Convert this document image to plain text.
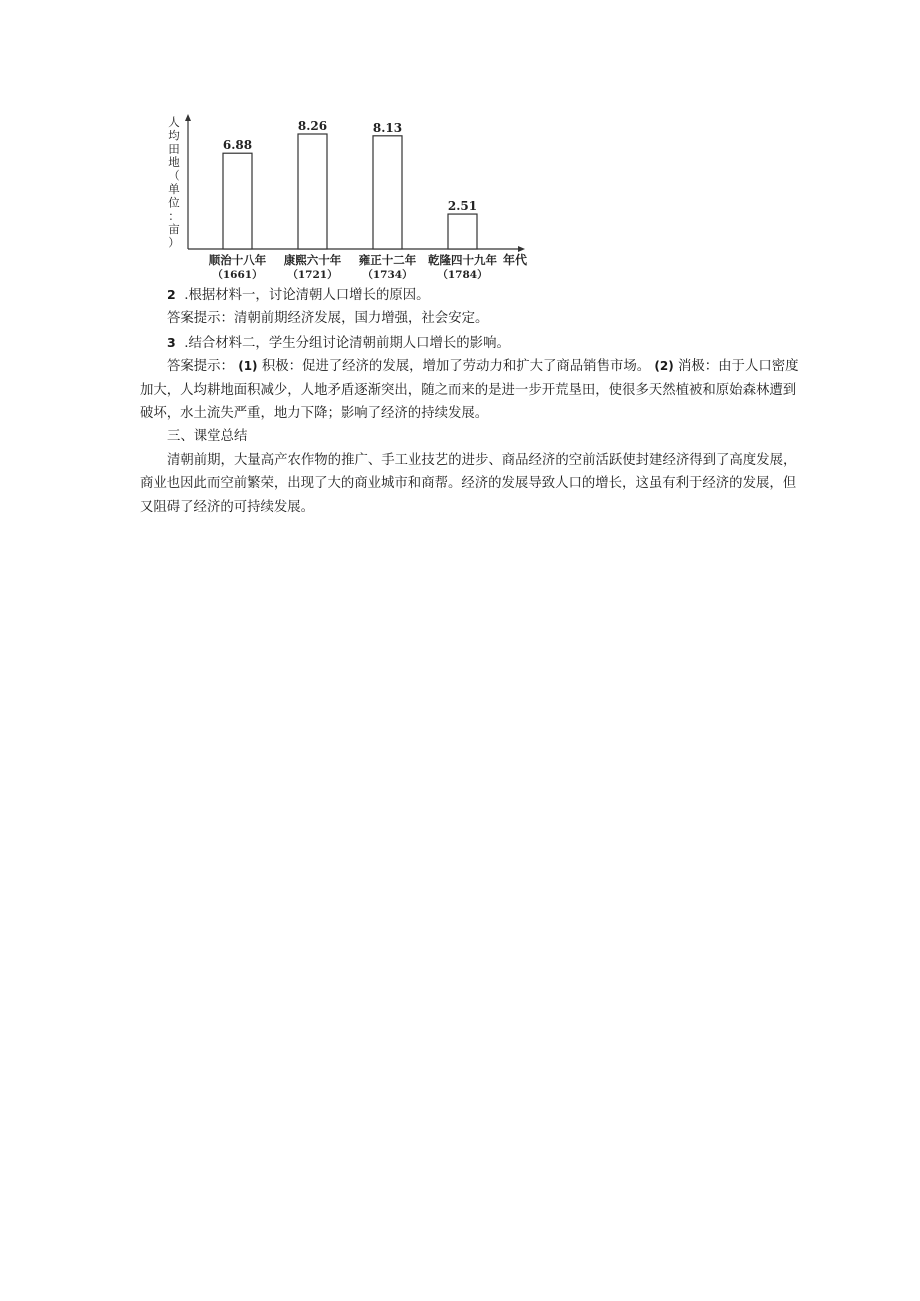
人
均
田
地
（
单
位
：
亩
）
年代
6.88
顺治十八年
（1661）
8.26
康熙六十年
（1721）
8.13
雍正十二年
（1734）
2.51
乾隆四十九年
（1784）

2 .根据材料一，讨论清朝人口增长的原因。

答案提示：清朝前期经济发展，国力增强，社会安定。

3 .结合材料二，学生分组讨论清朝前期人口增长的影响。

答案提示： (1) 积极：促进了经济的发展，增加了劳动力和扩大了商品销售市场。 (2) 消极：由于人口密度加大，人均耕地面积减少，人地矛盾逐渐突出，随之而来的是进一步开荒垦田，使很多天然植被和原始森林遭到破坏，水土流失严重，地力下降；影响了经济的持续发展。

三、课堂总结

清朝前期，大量高产农作物的推广、手工业技艺的进步、商品经济的空前活跃使封建经济得到了高度发展，商业也因此而空前繁荣，出现了大的商业城市和商帮。经济的发展导致人口的增长，这虽有利于经济的发展，但又阻碍了经济的可持续发展。
